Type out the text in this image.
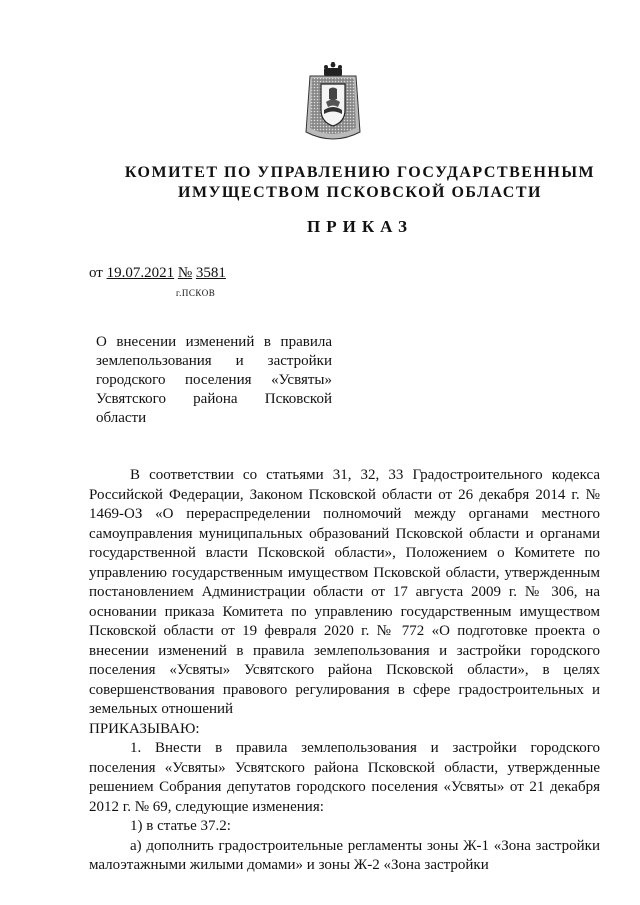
КОМИТЕТ ПО УПРАВЛЕНИЮ ГОСУДАРСТВЕННЫМ
ИМУЩЕСТВОМ ПСКОВСКОЙ ОБЛАСТИ
ПРИКАЗ
от 19.07.2021 № 3581
г.ПСКОВ
О внесении изменений в правила землепользования и застройки городского поселения «Усвяты» Усвятского района Псковской области

В соответствии со статьями 31, 32, 33 Градостроительного кодекса Российской Федерации, Законом Псковской области от 26 декабря 2014 г. № 1469-ОЗ «О перераспределении полномочий между органами местного самоуправления муниципальных образований Псковской области и органами государственной власти Псковской области», Положением о Комитете по управлению государственным имуществом Псковской области, утвержденным постановлением Администрации области от 17 августа 2009 г. № 306, на основании приказа Комитета по управлению государственным имуществом Псковской области от 19 февраля 2020 г. № 772 «О подготовке проекта о внесении изменений в правила землепользования и застройки городского поселения «Усвяты» Усвятского района Псковской области», в целях совершенствования правового регулирования в сфере градостроительных и земельных отношений

ПРИКАЗЫВАЮ:

1. Внести в правила землепользования и застройки городского поселения «Усвяты» Усвятского района Псковской области, утвержденные решением Собрания депутатов городского поселения «Усвяты» от 21 декабря 2012 г. № 69, следующие изменения:

1) в статье 37.2:

а) дополнить градостроительные регламенты зоны Ж-1 «Зона застройки малоэтажными жилыми домами» и зоны Ж-2 «Зона застройки
